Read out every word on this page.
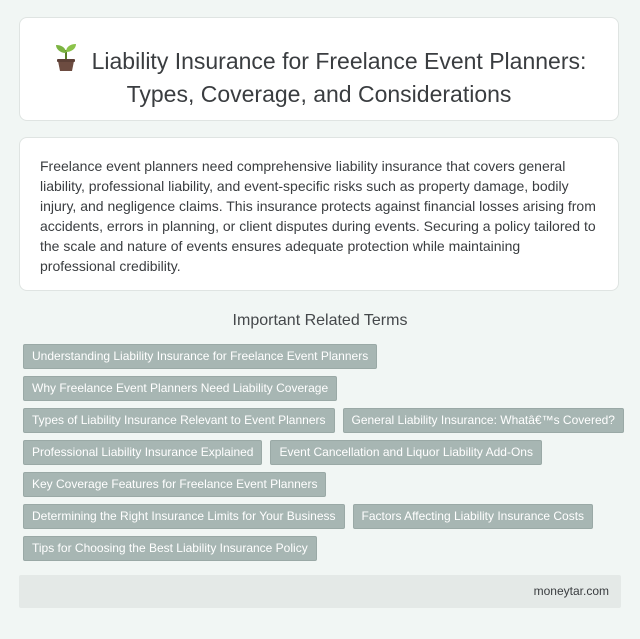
Liability Insurance for Freelance Event Planners: Types, Coverage, and Considerations

Freelance event planners need comprehensive liability insurance that covers general liability, professional liability, and event-specific risks such as property damage, bodily injury, and negligence claims. This insurance protects against financial losses arising from accidents, errors in planning, or client disputes during events. Securing a policy tailored to the scale and nature of events ensures adequate protection while maintaining professional credibility.

Important Related Terms
Understanding Liability Insurance for Freelance Event Planners
Why Freelance Event Planners Need Liability Coverage
Types of Liability Insurance Relevant to Event Planners	General Liability Insurance: Whatâ€™s Covered?
Professional Liability Insurance Explained	Event Cancellation and Liquor Liability Add-Ons
Key Coverage Features for Freelance Event Planners
Determining the Right Insurance Limits for Your Business	Factors Affecting Liability Insurance Costs
Tips for Choosing the Best Liability Insurance Policy
moneytar.com
